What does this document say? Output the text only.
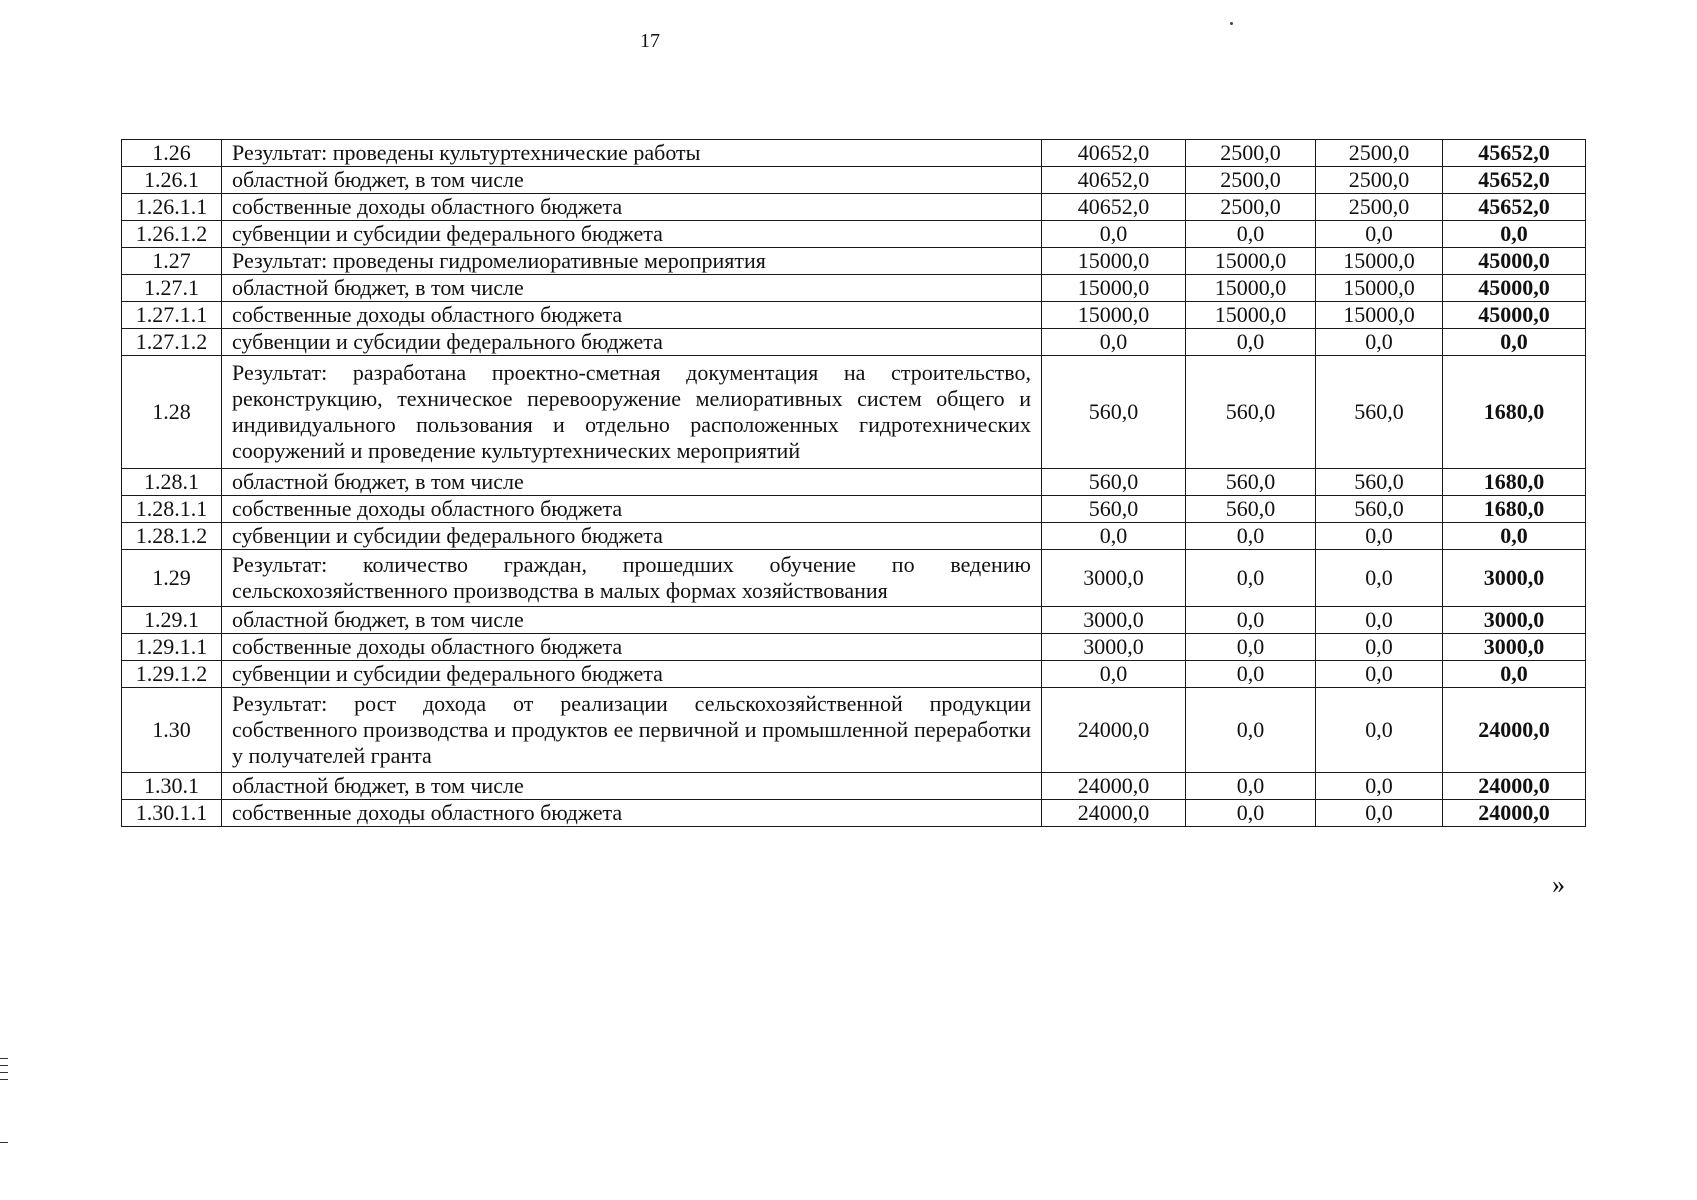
17
1.26	Результат: проведены культуртехнические работы	40652,0	2500,0	2500,0	45652,0
1.26.1	областной бюджет, в том числе	40652,0	2500,0	2500,0	45652,0
1.26.1.1	собственные доходы областного бюджета	40652,0	2500,0	2500,0	45652,0
1.26.1.2	субвенции и субсидии федерального бюджета	0,0	0,0	0,0	0,0
1.27	Результат: проведены гидромелиоративные мероприятия	15000,0	15000,0	15000,0	45000,0
1.27.1	областной бюджет, в том числе	15000,0	15000,0	15000,0	45000,0
1.27.1.1	собственные доходы областного бюджета	15000,0	15000,0	15000,0	45000,0
1.27.1.2	субвенции и субсидии федерального бюджета	0,0	0,0	0,0	0,0
1.28	Результат: разработана проектно-сметная документация на строительство, реконструкцию, техническое перевооружение мелиоративных систем общего и индивидуального пользования и отдельно расположенных гидротехнических сооружений и проведение культуртехнических мероприятий	560,0	560,0	560,0	1680,0
1.28.1	областной бюджет, в том числе	560,0	560,0	560,0	1680,0
1.28.1.1	собственные доходы областного бюджета	560,0	560,0	560,0	1680,0
1.28.1.2	субвенции и субсидии федерального бюджета	0,0	0,0	0,0	0,0
1.29	Результат: количество граждан, прошедших обучение по ведению сельскохозяйственного производства в малых формах хозяйствования	3000,0	0,0	0,0	3000,0
1.29.1	областной бюджет, в том числе	3000,0	0,0	0,0	3000,0
1.29.1.1	собственные доходы областного бюджета	3000,0	0,0	0,0	3000,0
1.29.1.2	субвенции и субсидии федерального бюджета	0,0	0,0	0,0	0,0
1.30	Результат: рост дохода от реализации сельскохозяйственной продукции собственного производства и продуктов ее первичной и промышленной переработки у получателей гранта	24000,0	0,0	0,0	24000,0
1.30.1	областной бюджет, в том числе	24000,0	0,0	0,0	24000,0
1.30.1.1	собственные доходы областного бюджета	24000,0	0,0	0,0	24000,0
»
